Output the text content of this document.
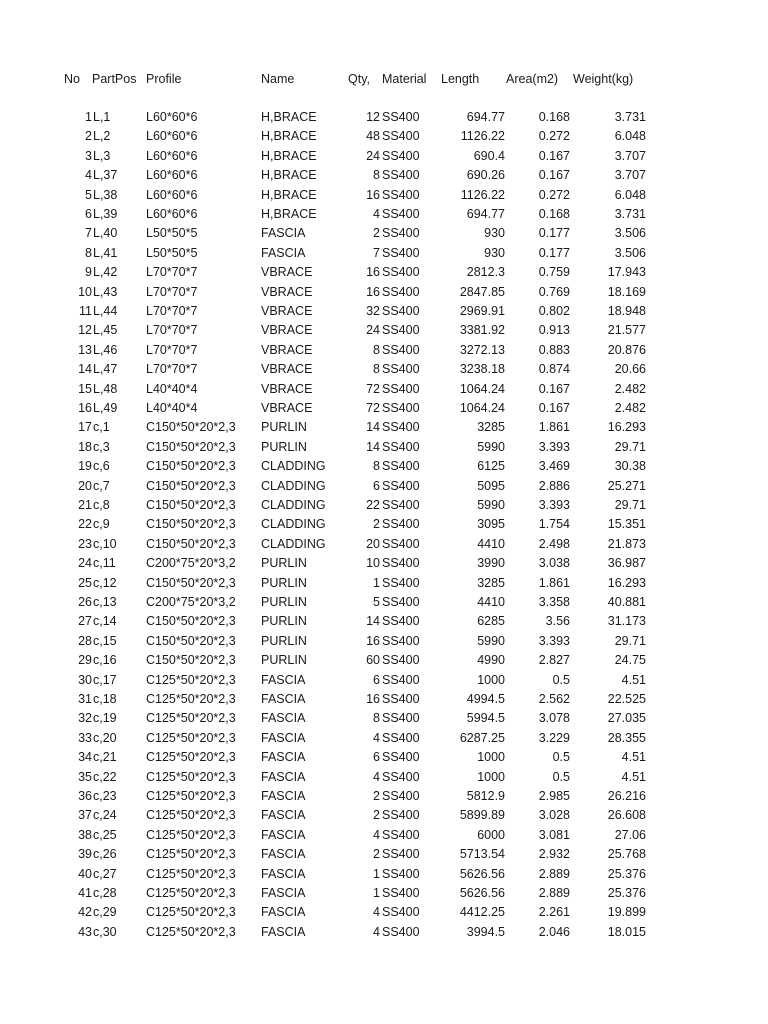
No PartPos Profile	Name	Qty, Material Length Area(m2) Weight(kg)
1 L,1	L60*60*6	H,BRACE	12 SS400	694.77	0.168	3.731
2 L,2	L60*60*6	H,BRACE	48 SS400	1126.22	0.272	6.048
3 L,3	L60*60*6	H,BRACE	24 SS400	690.4	0.167	3.707
4 L,37	L60*60*6	H,BRACE	8 SS400	690.26	0.167	3.707
5 L,38	L60*60*6	H,BRACE	16 SS400	1126.22	0.272	6.048
6 L,39	L60*60*6	H,BRACE	4 SS400	694.77	0.168	3.731
7 L,40	L50*50*5	FASCIA	2 SS400	930	0.177	3.506
8 L,41	L50*50*5	FASCIA	7 SS400	930	0.177	3.506
9 L,42	L70*70*7	VBRACE	16 SS400	2812.3	0.759	17.943
10 L,43	L70*70*7	VBRACE	16 SS400	2847.85	0.769	18.169
11 L,44	L70*70*7	VBRACE	32 SS400	2969.91	0.802	18.948
12 L,45	L70*70*7	VBRACE	24 SS400	3381.92	0.913	21.577
13 L,46	L70*70*7	VBRACE	8 SS400	3272.13	0.883	20.876
14 L,47	L70*70*7	VBRACE	8 SS400	3238.18	0.874	20.66
15 L,48	L40*40*4	VBRACE	72 SS400	1064.24	0.167	2.482
16 L,49	L40*40*4	VBRACE	72 SS400	1064.24	0.167	2.482
17 c,1	C150*50*20*2,3	PURLIN	14 SS400	3285	1.861	16.293
18 c,3	C150*50*20*2,3	PURLIN	14 SS400	5990	3.393	29.71
19 c,6	C150*50*20*2,3	CLADDING	8 SS400	6125	3.469	30.38
20 c,7	C150*50*20*2,3	CLADDING	6 SS400	5095	2.886	25.271
21 c,8	C150*50*20*2,3	CLADDING	22 SS400	5990	3.393	29.71
22 c,9	C150*50*20*2,3	CLADDING	2 SS400	3095	1.754	15.351
23 c,10	C150*50*20*2,3	CLADDING	20 SS400	4410	2.498	21.873
24 c,11	C200*75*20*3,2	PURLIN	10 SS400	3990	3.038	36.987
25 c,12	C150*50*20*2,3	PURLIN	1 SS400	3285	1.861	16.293
26 c,13	C200*75*20*3,2	PURLIN	5 SS400	4410	3.358	40.881
27 c,14	C150*50*20*2,3	PURLIN	14 SS400	6285	3.56	31.173
28 c,15	C150*50*20*2,3	PURLIN	16 SS400	5990	3.393	29.71
29 c,16	C150*50*20*2,3	PURLIN	60 SS400	4990	2.827	24.75
30 c,17	C125*50*20*2,3	FASCIA	6 SS400	1000	0.5	4.51
31 c,18	C125*50*20*2,3	FASCIA	16 SS400	4994.5	2.562	22.525
32 c,19	C125*50*20*2,3	FASCIA	8 SS400	5994.5	3.078	27.035
33 c,20	C125*50*20*2,3	FASCIA	4 SS400	6287.25	3.229	28.355
34 c,21	C125*50*20*2,3	FASCIA	6 SS400	1000	0.5	4.51
35 c,22	C125*50*20*2,3	FASCIA	4 SS400	1000	0.5	4.51
36 c,23	C125*50*20*2,3	FASCIA	2 SS400	5812.9	2.985	26.216
37 c,24	C125*50*20*2,3	FASCIA	2 SS400	5899.89	3.028	26.608
38 c,25	C125*50*20*2,3	FASCIA	4 SS400	6000	3.081	27.06
39 c,26	C125*50*20*2,3	FASCIA	2 SS400	5713.54	2.932	25.768
40 c,27	C125*50*20*2,3	FASCIA	1 SS400	5626.56	2.889	25.376
41 c,28	C125*50*20*2,3	FASCIA	1 SS400	5626.56	2.889	25.376
42 c,29	C125*50*20*2,3	FASCIA	4 SS400	4412.25	2.261	19.899
43 c,30	C125*50*20*2,3	FASCIA	4 SS400	3994.5	2.046	18.015
